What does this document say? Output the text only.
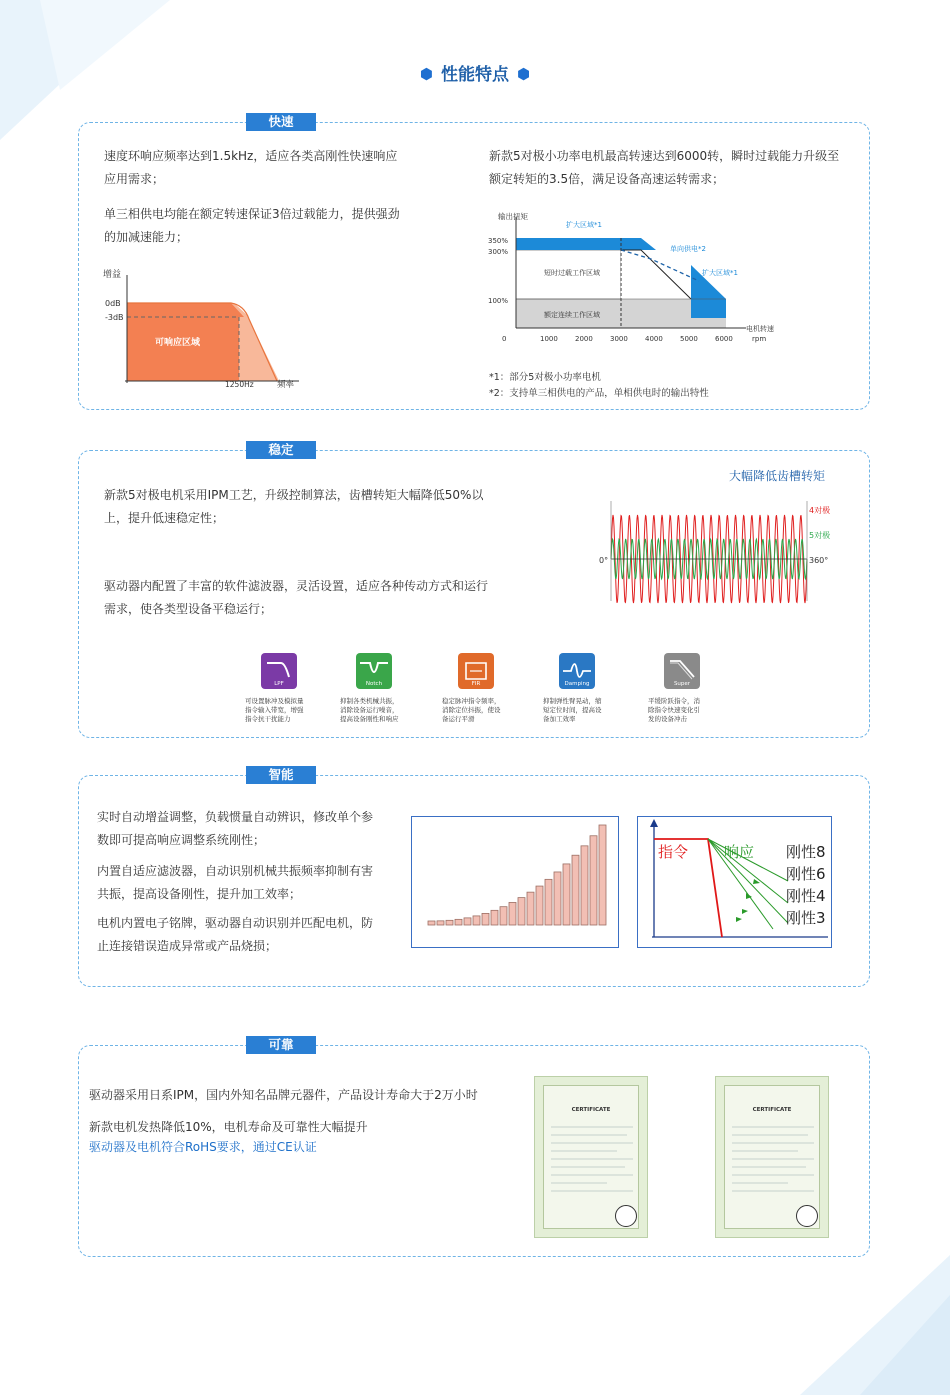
⬢ 性能特点 ⬢
快速
速度环响应频率达到1.5kHz，适应各类高刚性快速响应
应用需求；
单三相供电均能在额定转速保证3倍过载能力，提供强劲
的加减速能力；
新款5对极小功率电机最高转速达到6000转，瞬时过载能力升级至
额定转矩的3.5倍，满足设备高速运转需求；
增益
0dB
-3dB
可响应区域
1250Hz	频率
输出扭矩
350%
300%
100%
扩大区域*1
单向供电*2
扩大区域*1
短时过载工作区域
额定连续工作区域
0	1000 2000 3000 4000 5000 6000
电机转速
rpm
*1：部分5对极小功率电机
*2：支持单三相供电的产品，单相供电时的输出特性
稳定
新款5对极电机采用IPM工艺，升级控制算法，齿槽转矩大幅降低50%以
上，提升低速稳定性；
驱动器内配置了丰富的软件滤波器，灵活设置，适应各种传动方式和运行
需求，使各类型设备平稳运行；
大幅降低齿槽转矩
0°	360°
4对极
5对极
LPF
可设置脉冲及模拟量
指令输入带宽，增强
指令抗干扰能力
Notch
抑制各类机械共振，
消除设备运行噪音，
提高设备刚性和响应
FIR
稳定脉冲指令频率，
消除定位抖振，使设
备运行平滑
Damping
抑制弹性臂晃动，缩
短定位时间，提高设
备加工效率
Super
平缓阶跃指令，消
除指令快速变化引
发的设备冲击
智能
实时自动增益调整，负载惯量自动辨识，修改单个参
数即可提高响应调整系统刚性；
内置自适应滤波器，自动识别机械共振频率抑制有害
共振，提高设备刚性，提升加工效率；
电机内置电子铭牌，驱动器自动识别并匹配电机，防
止连接错误造成异常或产品烧损；
指令 响应 刚性8
刚性6
刚性4
刚性3
可靠
驱动器采用日系IPM，国内外知名品牌元器件，产品设计寿命大于2万小时
新款电机发热降低10%，电机寿命及可靠性大幅提升
驱动器及电机符合RoHS要求，通过CE认证
CERTIFICATE	CERTIFICATE
